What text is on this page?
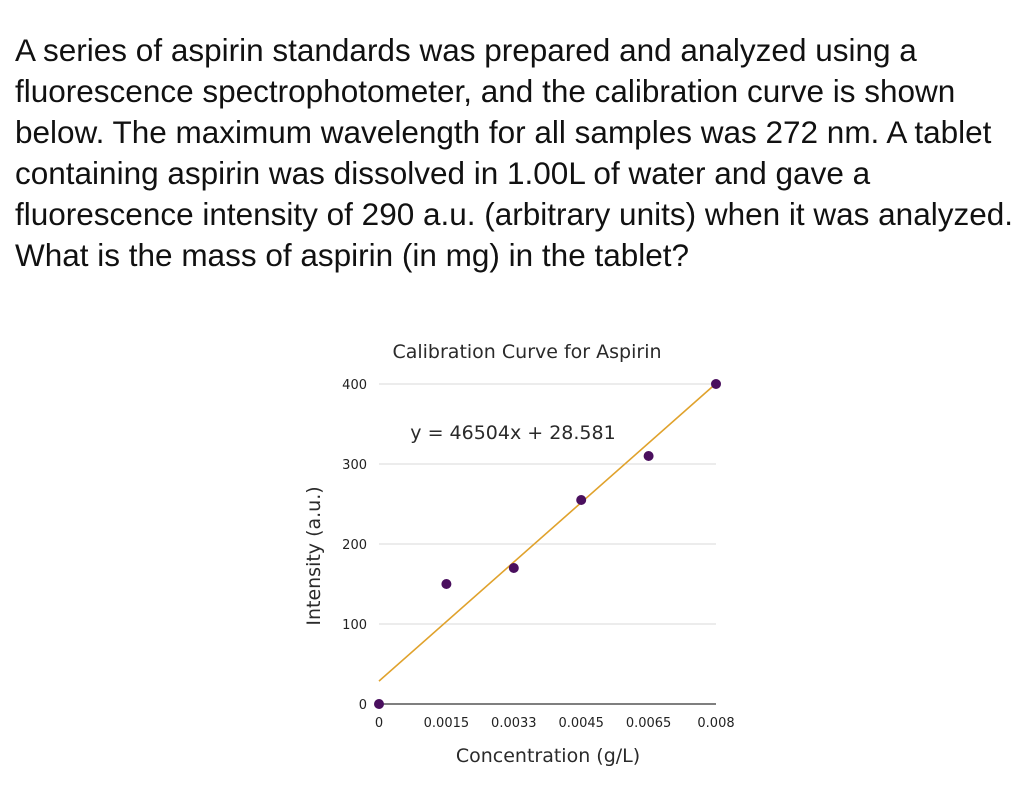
A series of aspirin standards was prepared and analyzed using a fluorescence spectrophotometer, and the calibration curve is shown below. The maximum wavelength for all samples was 272 nm. A tablet containing aspirin was dissolved in 1.00L of water and gave a fluorescence intensity of 290 a.u. (arbitrary units) when it was analyzed. What is the mass of aspirin (in mg) in the tablet?

Calibration Curve for Aspirin
0
100
200
300
400
0	0.0015 0.0033 0.0045 0.0065 0.008
y = 46504x + 28.581
Concentration (g/L)
Intensity (a.u.)
